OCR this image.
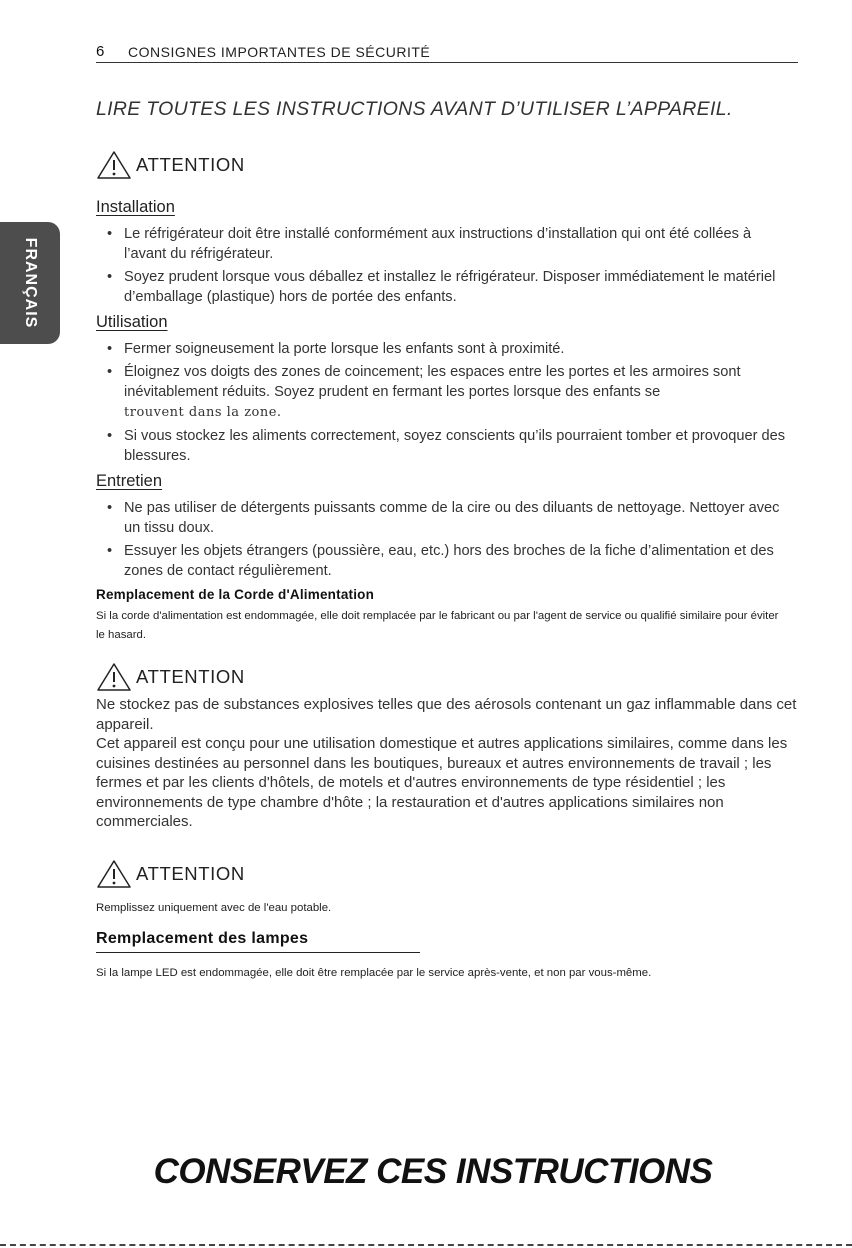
6 CONSIGNES IMPORTANTES DE SÉCURITÉ
FRANÇAIS
LIRE TOUTES LES INSTRUCTIONS AVANT D’UTILISER L’APPAREIL.
ATTENTION
Installation
• Le réfrigérateur doit être installé conformément aux instructions d’installation qui ont été collées à l’avant du réfrigérateur.
• Soyez prudent lorsque vous déballez et installez le réfrigérateur. Disposer immédiatement le matériel d’emballage (plastique) hors de portée des enfants.
Utilisation
• Fermer soigneusement la porte lorsque les enfants sont à proximité.
• Éloignez vos doigts des zones de coincement; les espaces entre les portes et les armoires sont inévitablement réduits. Soyez prudent en fermant les portes lorsque des enfants se
trouvent dans la zone.
• Si vous stockez les aliments correctement, soyez conscients qu’ils pourraient tomber et provoquer des blessures.
Entretien
• Ne pas utiliser de détergents puissants comme de la cire ou des diluants de nettoyage. Nettoyer avec un tissu doux.
• Essuyer les objets étrangers (poussière, eau, etc.) hors des broches de la fiche d’alimentation et des zones de contact régulièrement.
Remplacement de la Corde d'Alimentation
Si la corde d'alimentation est endommagée, elle doit remplacée par le fabricant ou par l'agent de service ou qualifié similaire pour éviter le hasard.
ATTENTION

Ne stockez pas de substances explosives telles que des aérosols contenant un gaz inflammable dans cet appareil.

Cet appareil est conçu pour une utilisation domestique et autres applications similaires, comme dans les cuisines destinées au personnel dans les boutiques, bureaux et autres environnements de travail ; les fermes et par les clients d'hôtels, de motels et d'autres environnements de type résidentiel ; les environnements de type chambre d'hôte ; la restauration et d'autres applications similaires non commerciales.

ATTENTION
Remplissez uniquement avec de l'eau potable.
Remplacement des lampes
Si la lampe LED est endommagée, elle doit être remplacée par le service après-vente, et non par vous-même.
CONSERVEZ CES INSTRUCTIONS
